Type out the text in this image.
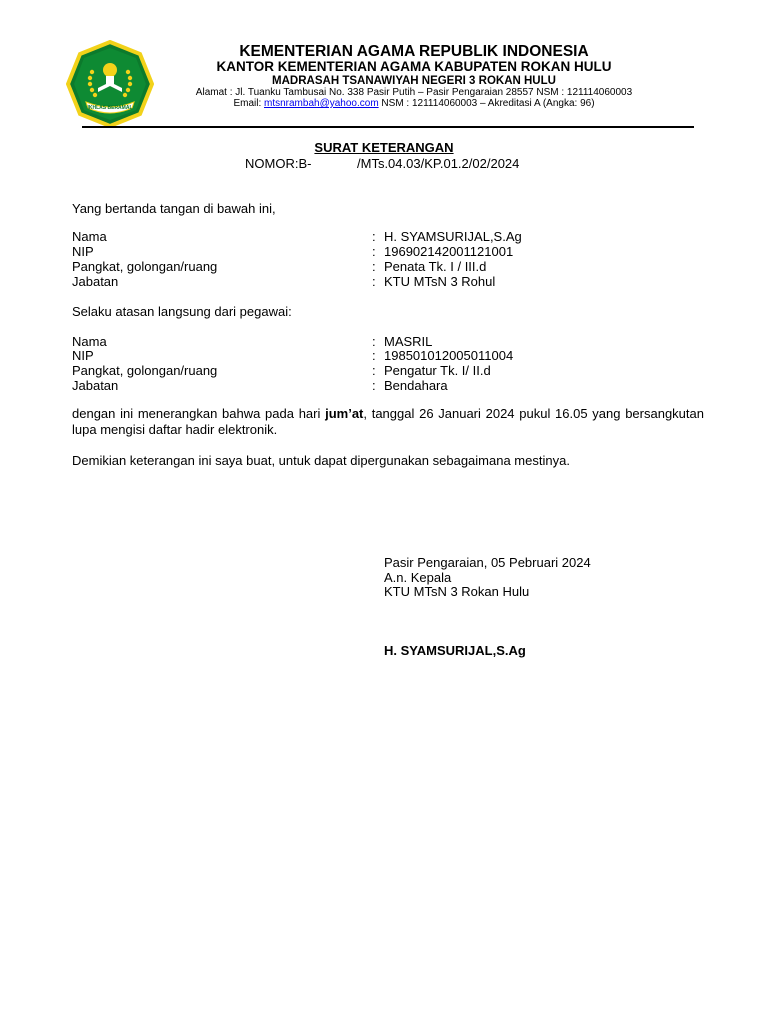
IKHLAS BERAMAL
KEMENTERIAN AGAMA REPUBLIK INDONESIA
KANTOR KEMENTERIAN AGAMA KABUPATEN ROKAN HULU
MADRASAH TSANAWIYAH NEGERI 3 ROKAN HULU
Alamat : Jl. Tuanku Tambusai No. 338 Pasir Putih – Pasir Pengaraian 28557 NSM : 121114060003
Email: mtsnrambah@yahoo.com NSM : 121114060003 – Akreditasi A (Angka: 96)
SURAT KETERANGAN
NOMOR:B-	/MTs.04.03/KP.01.2/02/2024
Yang bertanda tangan di bawah ini,
Nama	: H. SYAMSURIJAL,S.Ag
NIP	: 196902142001121001
Pangkat, golongan/ruang	: Penata Tk. I / III.d
Jabatan	: KTU MTsN 3 Rohul
Selaku atasan langsung dari pegawai:
Nama	: MASRIL
NIP	: 198501012005011004
Pangkat, golongan/ruang	: Pengatur Tk. I/ II.d
Jabatan	: Bendahara
dengan ini menerangkan bahwa pada hari jum’at, tanggal 26 Januari 2024 pukul 16.05 yang bersangkutan lupa mengisi daftar hadir elektronik.
Demikian keterangan ini saya buat, untuk dapat dipergunakan sebagaimana mestinya.
Pasir Pengaraian, 05 Pebruari 2024
A.n. Kepala
KTU MTsN 3 Rokan Hulu
H. SYAMSURIJAL,S.Ag
